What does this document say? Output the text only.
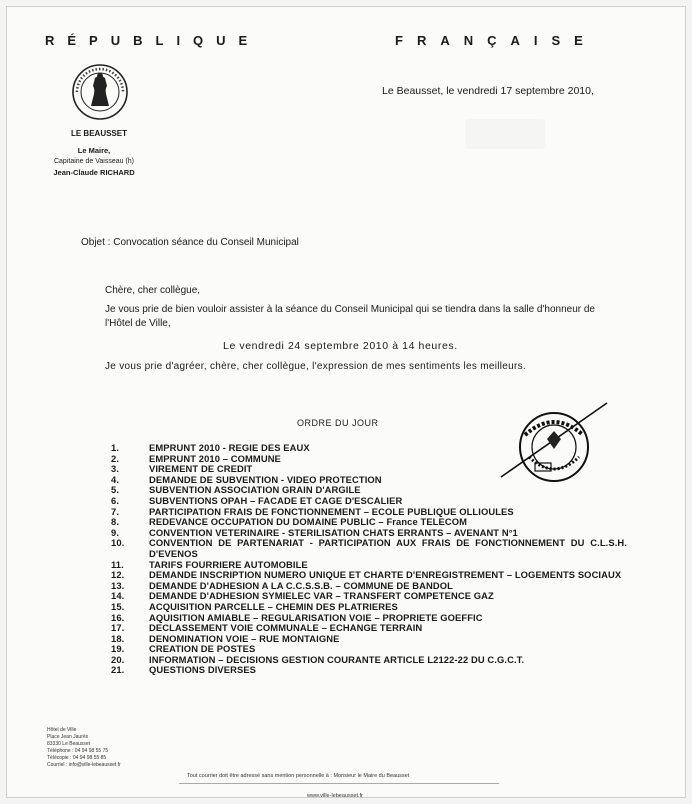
RÉPUBLIQUE	FRANÇAISE
LE BEAUSSET
Le Maire,
Capitaine de Vaisseau (h)
Jean-Claude RICHARD
Le Beausset, le vendredi 17 septembre 2010,
Objet : Convocation séance du Conseil Municipal
Chère, cher collègue,
Je vous prie de bien vouloir assister à la séance du Conseil Municipal qui se tiendra dans la salle d'honneur de l'Hôtel de Ville,
Le vendredi 24 septembre 2010 à 14 heures.
Je vous prie d'agréer, chère, cher collègue, l'expression de mes sentiments les meilleurs.
ORDRE DU JOUR
1.	EMPRUNT 2010 - REGIE DES EAUX
2.	EMPRUNT 2010 – COMMUNE
3.	VIREMENT DE CREDIT
4.	DEMANDE DE SUBVENTION - VIDEO PROTECTION
5.	SUBVENTION ASSOCIATION GRAIN D'ARGILE
6.	SUBVENTIONS OPAH – FACADE ET CAGE D'ESCALIER
7.	PARTICIPATION FRAIS DE FONCTIONNEMENT – ECOLE PUBLIQUE OLLIOULES
8.	REDEVANCE OCCUPATION DU DOMAINE PUBLIC – France TELECOM
9.	CONVENTION VETERINAIRE - STERILISATION CHATS ERRANTS – AVENANT N°1
10.	CONVENTION DE PARTENARIAT - PARTICIPATION AUX FRAIS DE FONCTIONNEMENT DU C.L.S.H. D'EVENOS
11.	TARIFS FOURRIERE AUTOMOBILE
12.	DEMANDE INSCRIPTION NUMERO UNIQUE ET CHARTE D'ENREGISTREMENT – LOGEMENTS SOCIAUX
13.	DEMANDE D'ADHESION A LA C.C.S.S.B. – COMMUNE DE BANDOL
14.	DEMANDE D'ADHESION SYMIELEC VAR – TRANSFERT COMPETENCE GAZ
15.	ACQUISITION PARCELLE – CHEMIN DES PLATRIERES
16.	AQUISITION AMIABLE – REGULARISATION VOIE – PROPRIETE GOEFFIC
17.	DECLASSEMENT VOIE COMMUNALE – ECHANGE TERRAIN
18.	DENOMINATION VOIE – RUE MONTAIGNE
19.	CREATION DE POSTES
20.	INFORMATION – DECISIONS GESTION COURANTE ARTICLE L2122-22 DU C.G.C.T.
21.	QUESTIONS DIVERSES
Hôtel de Ville
Place Jean Jaurès
83330 Le Beausset
Téléphone : 04 94 98 55 75
Télécopie : 04 94 98 55 85
Courriel : info@ville-lebeausset.fr
Tout courrier doit être adressé sans mention personnelle à : Monsieur le Maire du Beausset
www.ville-lebeausset.fr
